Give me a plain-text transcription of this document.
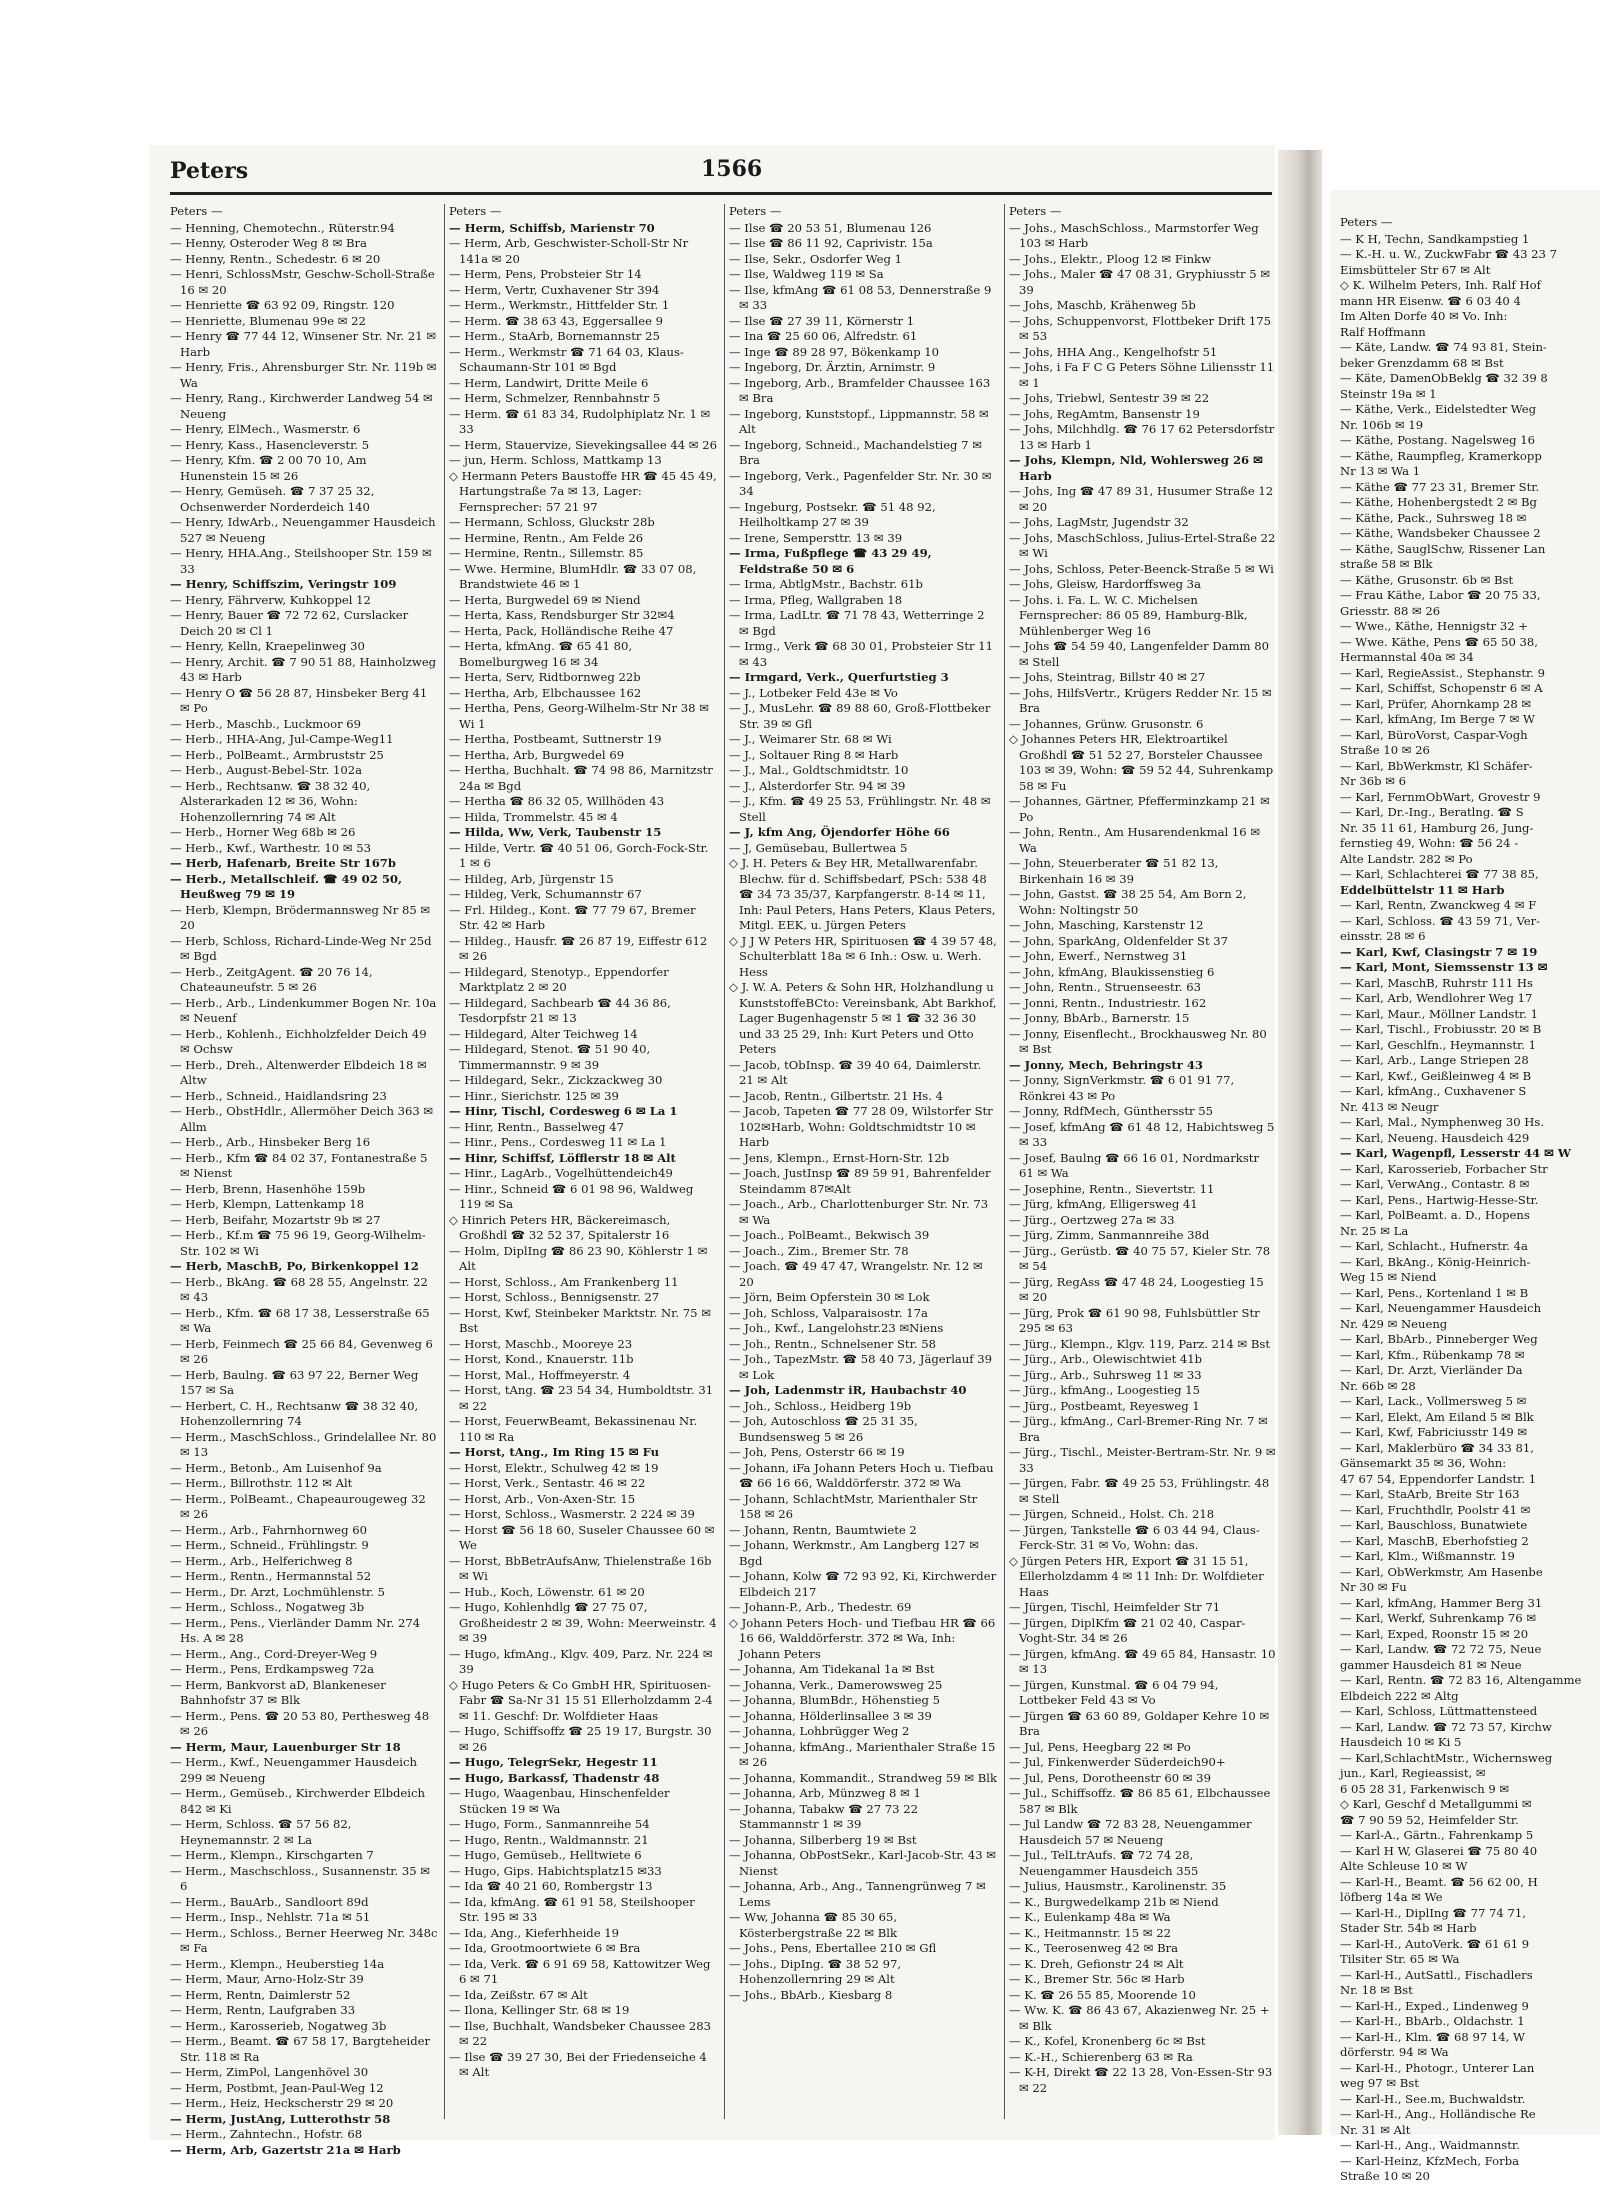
Peters	1566
Peters —
— Henning, Chemotechn., Rüterstr.94
— Henny, Osteroder Weg 8 ✉ Bra
— Henny, Rentn., Schedestr. 6 ✉ 20
— Henri, SchlossMstr, Geschw-Scholl-Straße 16 ✉ 20
— Henriette ☎ 63 92 09, Ringstr. 120
— Henriette, Blumenau 99e ✉ 22
— Henry ☎ 77 44 12, Winsener Str. Nr. 21 ✉ Harb
— Henry, Fris., Ahrensburger Str. Nr. 119b ✉ Wa
— Henry, Rang., Kirchwerder Landweg 54 ✉ Neueng
— Henry, ElMech., Wasmerstr. 6
— Henry, Kass., Hasencleverstr. 5
— Henry, Kfm. ☎ 2 00 70 10, Am Hunenstein 15 ✉ 26
— Henry, Gemüseh. ☎ 7 37 25 32, Ochsenwerder Norderdeich 140
— Henry, IdwArb., Neuengammer Hausdeich 527 ✉ Neueng
— Henry, HHA.Ang., Steilshooper Str. 159 ✉ 33
— Henry, Schiffszim, Veringstr 109
— Henry, Fährverw, Kuhkoppel 12
— Henry, Bauer ☎ 72 72 62, Curslacker Deich 20 ✉ Cl 1
— Henry, Kelln, Kraepelinweg 30
— Henry, Archit. ☎ 7 90 51 88, Hainholzweg 43 ✉ Harb
— Henry O ☎ 56 28 87, Hinsbeker Berg 41 ✉ Po
— Herb., Maschb., Luckmoor 69
— Herb., HHA-Ang, Jul-Campe-Weg11
— Herb., PolBeamt., Armbruststr 25
— Herb., August-Bebel-Str. 102a
— Herb., Rechtsanw. ☎ 38 32 40, Alsterarkaden 12 ✉ 36, Wohn: Hohenzollernring 74 ✉ Alt
— Herb., Horner Weg 68b ✉ 26
— Herb., Kwf., Warthestr. 10 ✉ 53
— Herb, Hafenarb, Breite Str 167b
— Herb., Metallschleif. ☎ 49 02 50, Heußweg 79 ✉ 19
— Herb, Klempn, Brödermannsweg Nr 85 ✉ 20
— Herb, Schloss, Richard-Linde-Weg Nr 25d ✉ Bgd
— Herb., ZeitgAgent. ☎ 20 76 14, Chateauneufstr. 5 ✉ 26
— Herb., Arb., Lindenkummer Bogen Nr. 10a ✉ Neuenf
— Herb., Kohlenh., Eichholzfelder Deich 49 ✉ Ochsw
— Herb., Dreh., Altenwerder Elbdeich 18 ✉ Altw
— Herb., Schneid., Haidlandsring 23
— Herb., ObstHdlr., Allermöher Deich 363 ✉ Allm
— Herb., Arb., Hinsbeker Berg 16
— Herb., Kfm ☎ 84 02 37, Fontanestraße 5 ✉ Nienst
— Herb, Brenn, Hasenhöhe 159b
— Herb, Klempn, Lattenkamp 18
— Herb, Beifahr, Mozartstr 9b ✉ 27
— Herb., Kf.m ☎ 75 96 19, Georg-Wilhelm-Str. 102 ✉ Wi
— Herb, MaschB, Po, Birkenkoppel 12
— Herb., BkAng. ☎ 68 28 55, Angelnstr. 22 ✉ 43
— Herb., Kfm. ☎ 68 17 38, Lesserstraße 65 ✉ Wa
— Herb, Feinmech ☎ 25 66 84, Gevenweg 6 ✉ 26
— Herb, Baulng. ☎ 63 97 22, Berner Weg 157 ✉ Sa
— Herbert, C. H., Rechtsanw ☎ 38 32 40, Hohenzollernring 74
— Herm., MaschSchloss., Grindelallee Nr. 80 ✉ 13
— Herm., Betonb., Am Luisenhof 9a
— Herm., Billrothstr. 112 ✉ Alt
— Herm., PolBeamt., Chapeaurougeweg 32 ✉ 26
— Herm., Arb., Fahrnhornweg 60
— Herm., Schneid., Frühlingstr. 9
— Herm., Arb., Helferichweg 8
— Herm., Rentn., Hermannstal 52
— Herm., Dr. Arzt, Lochmühlenstr. 5
— Herm., Schloss., Nogatweg 3b
— Herm., Pens., Vierländer Damm Nr. 274 Hs. A ✉ 28
— Herm., Ang., Cord-Dreyer-Weg 9
— Herm., Pens, Erdkampsweg 72a
— Herm, Bankvorst aD, Blankeneser Bahnhofstr 37 ✉ Blk
— Herm., Pens. ☎ 20 53 80, Perthesweg 48 ✉ 26
— Herm, Maur, Lauenburger Str 18
— Herm., Kwf., Neuengammer Hausdeich 299 ✉ Neueng
— Herm., Gemüseb., Kirchwerder Elbdeich 842 ✉ Ki
— Herm, Schloss. ☎ 57 56 82, Heynemannstr. 2 ✉ La
— Herm., Klempn., Kirschgarten 7
— Herm., Maschschloss., Susannenstr. 35 ✉ 6
— Herm., BauArb., Sandloort 89d
— Herm., Insp., Nehlstr. 71a ✉ 51
— Herm., Schloss., Berner Heerweg Nr. 348c ✉ Fa
— Herm., Klempn., Heuberstieg 14a
— Herm, Maur, Arno-Holz-Str 39
— Herm, Rentn, Daimlerstr 52
— Herm, Rentn, Laufgraben 33
— Herm., Karosserieb, Nogatweg 3b
— Herm., Beamt. ☎ 67 58 17, Bargteheider Str. 118 ✉ Ra
— Herm, ZimPol, Langenhövel 30
— Herm, Postbmt, Jean-Paul-Weg 12
— Herm., Heiz, Heckscherstr 29 ✉ 20
— Herm, JustAng, Lutterothstr 58
— Herm., Zahntechn., Hofstr. 68
— Herm, Arb, Gazertstr 21a ✉ Harb
Peters —
— Herm, Schiffsb, Marienstr 70
— Herm, Arb, Geschwister-Scholl-Str Nr 141a ✉ 20
— Herm, Pens, Probsteier Str 14
— Herm, Vertr, Cuxhavener Str 394
— Herm., Werkmstr., Hittfelder Str. 1
— Herm. ☎ 38 63 43, Eggersallee 9
— Herm., StaArb, Bornemannstr 25
— Herm., Werkmstr ☎ 71 64 03, Klaus-Schaumann-Str 101 ✉ Bgd
— Herm, Landwirt, Dritte Meile 6
— Herm, Schmelzer, Rennbahnstr 5
— Herm. ☎ 61 83 34, Rudolphiplatz Nr. 1 ✉ 33
— Herm, Stauervize, Sievekingsallee 44 ✉ 26
— jun, Herm. Schloss, Mattkamp 13
◇ Hermann Peters Baustoffe HR ☎ 45 45 49, Hartungstraße 7a ✉ 13, Lager: Fernsprecher: 57 21 97
— Hermann, Schloss, Gluckstr 28b
— Hermine, Rentn., Am Felde 26
— Hermine, Rentn., Sillemstr. 85
— Wwe. Hermine, BlumHdlr. ☎ 33 07 08, Brandstwiete 46 ✉ 1
— Herta, Burgwedel 69 ✉ Niend
— Herta, Kass, Rendsburger Str 32✉4
— Herta, Pack, Holländische Reihe 47
— Herta, kfmAng. ☎ 65 41 80, Bomelburgweg 16 ✉ 34
— Herta, Serv, Ridtbornweg 22b
— Hertha, Arb, Elbchaussee 162
— Hertha, Pens, Georg-Wilhelm-Str Nr 38 ✉ Wi 1
— Hertha, Postbeamt, Suttnerstr 19
— Hertha, Arb, Burgwedel 69
— Hertha, Buchhalt. ☎ 74 98 86, Marnitzstr 24a ✉ Bgd
— Hertha ☎ 86 32 05, Willhöden 43
— Hilda, Trommelstr. 45 ✉ 4
— Hilda, Ww, Verk, Taubenstr 15
— Hilde, Vertr. ☎ 40 51 06, Gorch-Fock-Str. 1 ✉ 6
— Hildeg, Arb, Jürgenstr 15
— Hildeg, Verk, Schumannstr 67
— Frl. Hildeg., Kont. ☎ 77 79 67, Bremer Str. 42 ✉ Harb
— Hildeg., Hausfr. ☎ 26 87 19, Eiffestr 612 ✉ 26
— Hildegard, Stenotyp., Eppendorfer Marktplatz 2 ✉ 20
— Hildegard, Sachbearb ☎ 44 36 86, Tesdorpfstr 21 ✉ 13
— Hildegard, Alter Teichweg 14
— Hildegard, Stenot. ☎ 51 90 40, Timmermannstr. 9 ✉ 39
— Hildegard, Sekr., Zickzackweg 30
— Hinr., Sierichstr. 125 ✉ 39
— Hinr, Tischl, Cordesweg 6 ✉ La 1
— Hinr, Rentn., Basselweg 47
— Hinr., Pens., Cordesweg 11 ✉ La 1
— Hinr, Schiffsf, Löfflerstr 18 ✉ Alt
— Hinr., LagArb., Vogelhüttendeich49
— Hinr., Schneid ☎ 6 01 98 96, Waldweg 119 ✉ Sa
◇ Hinrich Peters HR, Bäckereimasch, Großhdl ☎ 32 52 37, Spitalerstr 16
— Holm, DiplIng ☎ 86 23 90, Köhlerstr 1 ✉ Alt
— Horst, Schloss., Am Frankenberg 11
— Horst, Schloss., Bennigsenstr. 27
— Horst, Kwf, Steinbeker Marktstr. Nr. 75 ✉ Bst
— Horst, Maschb., Mooreye 23
— Horst, Kond., Knauerstr. 11b
— Horst, Mal., Hoffmeyerstr. 4
— Horst, tAng. ☎ 23 54 34, Humboldtstr. 31 ✉ 22
— Horst, FeuerwBeamt, Bekassinenau Nr. 110 ✉ Ra
— Horst, tAng., Im Ring 15 ✉ Fu
— Horst, Elektr., Schulweg 42 ✉ 19
— Horst, Verk., Sentastr. 46 ✉ 22
— Horst, Arb., Von-Axen-Str. 15
— Horst, Schloss., Wasmerstr. 2 224 ✉ 39
— Horst ☎ 56 18 60, Suseler Chaussee 60 ✉ We
— Horst, BbBetrAufsAnw, Thielenstraße 16b ✉ Wi
— Hub., Koch, Löwenstr. 61 ✉ 20
— Hugo, Kohlenhdlg ☎ 27 75 07, Großheidestr 2 ✉ 39, Wohn: Meerweinstr. 4 ✉ 39
— Hugo, kfmAng., Klgv. 409, Parz. Nr. 224 ✉ 39
◇ Hugo Peters & Co GmbH HR, Spirituosen-Fabr ☎ Sa-Nr 31 15 51 Ellerholzdamm 2-4 ✉ 11. Geschf: Dr. Wolfdieter Haas
— Hugo, Schiffsoffz ☎ 25 19 17, Burgstr. 30 ✉ 26
— Hugo, TelegrSekr, Hegestr 11
— Hugo, Barkassf, Thadenstr 48
— Hugo, Waagenbau, Hinschenfelder Stücken 19 ✉ Wa
— Hugo, Form., Sanmannreihe 54
— Hugo, Rentn., Waldmannstr. 21
— Hugo, Gemüseb., Helltwiete 6
— Hugo, Gips. Habichtsplatz15 ✉33
— Ida ☎ 40 21 60, Rombergstr 13
— Ida, kfmAng. ☎ 61 91 58, Steilshooper Str. 195 ✉ 33
— Ida, Ang., Kieferhheide 19
— Ida, Grootmoortwiete 6 ✉ Bra
— Ida, Verk. ☎ 6 91 69 58, Kattowitzer Weg 6 ✉ 71
— Ida, Zeißstr. 67 ✉ Alt
— Ilona, Kellinger Str. 68 ✉ 19
— Ilse, Buchhalt, Wandsbeker Chaussee 283 ✉ 22
— Ilse ☎ 39 27 30, Bei der Friedenseiche 4 ✉ Alt
Peters —
— Ilse ☎ 20 53 51, Blumenau 126
— Ilse ☎ 86 11 92, Caprivistr. 15a
— Ilse, Sekr., Osdorfer Weg 1
— Ilse, Waldweg 119 ✉ Sa
— Ilse, kfmAng ☎ 61 08 53, Dennerstraße 9 ✉ 33
— Ilse ☎ 27 39 11, Körnerstr 1
— Ina ☎ 25 60 06, Alfredstr. 61
— Inge ☎ 89 28 97, Bökenkamp 10
— Ingeborg, Dr. Ärztin, Arnimstr. 9
— Ingeborg, Arb., Bramfelder Chaussee 163 ✉ Bra
— Ingeborg, Kunststopf., Lippmannstr. 58 ✉ Alt
— Ingeborg, Schneid., Machandelstieg 7 ✉ Bra
— Ingeborg, Verk., Pagenfelder Str. Nr. 30 ✉ 34
— Ingeburg, Postsekr. ☎ 51 48 92, Heilholtkamp 27 ✉ 39
— Irene, Sempersttr. 13 ✉ 39
— Irma, Fußpflege ☎ 43 29 49, Feldstraße 50 ✉ 6
— Irma, AbtlgMstr., Bachstr. 61b
— Irma, Pfleg, Wallgraben 18
— Irma, LadLtr. ☎ 71 78 43, Wetterringe 2 ✉ Bgd
— Irmg., Verk ☎ 68 30 01, Probsteier Str 11 ✉ 43
— Irmgard, Verk., Querfurtstieg 3
— J., Lotbeker Feld 43e ✉ Vo
— J., MusLehr. ☎ 89 88 60, Groß-Flottbeker Str. 39 ✉ Gfl
— J., Weimarer Str. 68 ✉ Wi
— J., Soltauer Ring 8 ✉ Harb
— J., Mal., Goldtschmidtstr. 10
— J., Alsterdorfer Str. 94 ✉ 39
— J., Kfm. ☎ 49 25 53, Frühlingstr. Nr. 48 ✉ Stell
— J, kfm Ang, Öjendorfer Höhe 66
— J, Gemüsebau, Bullertwea 5
◇ J. H. Peters & Bey HR, Metallwarenfabr. Blechw. für d. Schiffsbedarf, PSch: 538 48 ☎ 34 73 35/37, Karpfangerstr. 8-14 ✉ 11, Inh: Paul Peters, Hans Peters, Klaus Peters, Mitgl. EEK, u. Jürgen Peters
◇ J J W Peters HR, Spirituosen ☎ 4 39 57 48, Schulterblatt 18a ✉ 6 Inh.: Osw. u. Werh. Hess
◇ J. W. A. Peters & Sohn HR, Holzhandlung u KunststoffeBCto: Vereinsbank, Abt Barkhof, Lager Bugenhagenstr 5 ✉ 1 ☎ 32 36 30 und 33 25 29, Inh: Kurt Peters und Otto Peters
— Jacob, tObInsp. ☎ 39 40 64, Daimlerstr. 21 ✉ Alt
— Jacob, Rentn., Gilbertstr. 21 Hs. 4
— Jacob, Tapeten ☎ 77 28 09, Wilstorfer Str 102✉Harb, Wohn: Goldtschmidtstr 10 ✉ Harb
— Jens, Klempn., Ernst-Horn-Str. 12b
— Joach, JustInsp ☎ 89 59 91, Bahrenfelder Steindamm 87✉Alt
— Joach., Arb., Charlottenburger Str. Nr. 73 ✉ Wa
— Joach., PolBeamt., Bekwisch 39
— Joach., Zim., Bremer Str. 78
— Joach. ☎ 49 47 47, Wrangelstr. Nr. 12 ✉ 20
— Jörn, Beim Opferstein 30 ✉ Lok
— Joh, Schloss, Valparaisostr. 17a
— Joh., Kwf., Langelohstr.23 ✉Niens
— Joh., Rentn., Schnelsener Str. 58
— Joh., TapezMstr. ☎ 58 40 73, Jägerlauf 39 ✉ Lok
— Joh, Ladenmstr iR, Haubachstr 40
— Joh., Schloss., Heidberg 19b
— Joh, Autoschloss ☎ 25 31 35, Bundsensweg 5 ✉ 26
— Joh, Pens, Osterstr 66 ✉ 19
— Johann, iFa Johann Peters Hoch u. Tiefbau ☎ 66 16 66, Walddörferstr. 372 ✉ Wa
— Johann, SchlachtMstr, Marienthaler Str 158 ✉ 26
— Johann, Rentn, Baumtwiete 2
— Johann, Werkmstr., Am Langberg 127 ✉ Bgd
— Johann, Kolw ☎ 72 93 92, Ki, Kirchwerder Elbdeich 217
— Johann-P., Arb., Thedestr. 69
◇ Johann Peters Hoch- und Tiefbau HR ☎ 66 16 66, Walddörferstr. 372 ✉ Wa, Inh: Johann Peters
— Johanna, Am Tidekanal 1a ✉ Bst
— Johanna, Verk., Damerowsweg 25
— Johanna, BlumBdr., Höhenstieg 5
— Johanna, Hölderlinsallee 3 ✉ 39
— Johanna, Lohbrügger Weg 2
— Johanna, kfmAng., Marienthaler Straße 15 ✉ 26
— Johanna, Kommandit., Strandweg 59 ✉ Blk
— Johanna, Arb, Münzweg 8 ✉ 1
— Johanna, Tabakw ☎ 27 73 22 Stammannstr 1 ✉ 39
— Johanna, Silberberg 19 ✉ Bst
— Johanna, ObPostSekr., Karl-Jacob-Str. 43 ✉ Nienst
— Johanna, Arb., Ang., Tannengrünweg 7 ✉ Lems
— Ww, Johanna ☎ 85 30 65, Kösterbergstraße 22 ✉ Blk
— Johs., Pens, Ebertallee 210 ✉ Gfl
— Johs., DipIng. ☎ 38 52 97, Hohenzollernring 29 ✉ Alt
— Johs., BbArb., Kiesbarg 8
Peters —
— Johs., MaschSchloss., Marmstorfer Weg 103 ✉ Harb
— Johs., Elektr., Ploog 12 ✉ Finkw
— Johs., Maler ☎ 47 08 31, Gryphiusstr 5 ✉ 39
— Johs, Maschb, Krähenweg 5b
— Johs, Schuppenvorst, Flottbeker Drift 175 ✉ 53
— Johs, HHA Ang., Kengelhofstr 51
— Johs, i Fa F C G Peters Söhne Liliensstr 11 ✉ 1
— Johs, Triebwl, Sentestr 39 ✉ 22
— Johs, RegAmtm, Bansenstr 19
— Johs, Milchhdlg. ☎ 76 17 62 Petersdorfstr 13 ✉ Harb 1
— Johs, Klempn, Nld, Wohlersweg 26 ✉ Harb
— Johs, Ing ☎ 47 89 31, Husumer Straße 12 ✉ 20
— Johs, LagMstr, Jugendstr 32
— Johs, MaschSchloss, Julius-Ertel-Straße 22 ✉ Wi
— Johs, Schloss, Peter-Beenck-Straße 5 ✉ Wi
— Johs, Gleisw, Hardorffsweg 3a
— Johs. i. Fa. L. W. C. Michelsen Fernsprecher: 86 05 89, Hamburg-Blk, Mühlenberger Weg 16
— Johs ☎ 54 59 40, Langenfelder Damm 80 ✉ Stell
— Johs, Steintrag, Billstr 40 ✉ 27
— Johs, HilfsVertr., Krügers Redder Nr. 15 ✉ Bra
— Johannes, Grünw. Grusonstr. 6
◇ Johannes Peters HR, Elektroartikel Großhdl ☎ 51 52 27, Borsteler Chaussee 103 ✉ 39, Wohn: ☎ 59 52 44, Suhrenkamp 58 ✉ Fu
— Johannes, Gärtner, Pfefferminzkamp 21 ✉ Po
— John, Rentn., Am Husarendenkmal 16 ✉ Wa
— John, Steuerberater ☎ 51 82 13, Birkenhain 16 ✉ 39
— John, Gastst. ☎ 38 25 54, Am Born 2, Wohn: Noltingstr 50
— John, Masching, Karstenstr 12
— John, SparkAng, Oldenfelder St 37
— John, Ewerf., Nernstweg 31
— John, kfmAng, Blaukissenstieg 6
— John, Rentn., Struenseestr. 63
— Jonni, Rentn., Industriestr. 162
— Jonny, BbArb., Barnerstr. 15
— Jonny, Eisenflecht., Brockhausweg Nr. 80 ✉ Bst
— Jonny, Mech, Behringstr 43
— Jonny, SignVerkmstr. ☎ 6 01 91 77, Rönkrei 43 ✉ Po
— Jonny, RdfMech, Günthersstr 55
— Josef, kfmAng ☎ 61 48 12, Habichtsweg 5 ✉ 33
— Josef, Baulng ☎ 66 16 01, Nordmarkstr 61 ✉ Wa
— Josephine, Rentn., Sievertstr. 11
— Jürg, kfmAng, Elligersweg 41
— Jürg., Oertzweg 27a ✉ 33
— Jürg, Zimm, Sanmannreihe 38d
— Jürg., Gerüstb. ☎ 40 75 57, Kieler Str. 78 ✉ 54
— Jürg, RegAss ☎ 47 48 24, Loogestieg 15 ✉ 20
— Jürg, Prok ☎ 61 90 98, Fuhlsbüttler Str 295 ✉ 63
— Jürg., Klempn., Klgv. 119, Parz. 214 ✉ Bst
— Jürg., Arb., Olewischtwiet 41b
— Jürg., Arb., Suhrsweg 11 ✉ 33
— Jürg., kfmAng., Loogestieg 15
— Jürg., Postbeamt, Reyesweg 1
— Jürg., kfmAng., Carl-Bremer-Ring Nr. 7 ✉ Bra
— Jürg., Tischl., Meister-Bertram-Str. Nr. 9 ✉ 33
— Jürgen, Fabr. ☎ 49 25 53, Frühlingstr. 48 ✉ Stell
— Jürgen, Schneid., Holst. Ch. 218
— Jürgen, Tankstelle ☎ 6 03 44 94, Claus-Ferck-Str. 31 ✉ Vo, Wohn: das.
◇ Jürgen Peters HR, Export ☎ 31 15 51, Ellerholzdamm 4 ✉ 11 Inh: Dr. Wolfdieter Haas
— Jürgen, Tischl, Heimfelder Str 71
— Jürgen, DiplKfm ☎ 21 02 40, Caspar-Voght-Str. 34 ✉ 26
— Jürgen, kfmAng. ☎ 49 65 84, Hansastr. 10 ✉ 13
— Jürgen, Kunstmal. ☎ 6 04 79 94, Lottbeker Feld 43 ✉ Vo
— Jürgen ☎ 63 60 89, Goldaper Kehre 10 ✉ Bra
— Jul, Pens, Heegbarg 22 ✉ Po
— Jul, Finkenwerder Süderdeich90+
— Jul, Pens, Dorotheenstr 60 ✉ 39
— Jul., Schiffsoffz. ☎ 86 85 61, Elbchaussee 587 ✉ Blk
— Jul Landw ☎ 72 83 28, Neuengammer Hausdeich 57 ✉ Neueng
— Jul., TelLtrAufs. ☎ 72 74 28, Neuengammer Hausdeich 355
— Julius, Hausmstr., Karolinenstr. 35
— K., Burgwedelkamp 21b ✉ Niend
— K., Eulenkamp 48a ✉ Wa
— K., Heitmannstr. 15 ✉ 22
— K., Teerosenweg 42 ✉ Bra
— K. Dreh, Gefionstr 24 ✉ Alt
— K., Bremer Str. 56c ✉ Harb
— K. ☎ 26 55 85, Moorende 10
— Ww. K. ☎ 86 43 67, Akazienweg Nr. 25 + ✉ Blk
— K., Kofel, Kronenberg 6c ✉ Bst
— K.-H., Schierenberg 63 ✉ Ra
— K-H, Direkt ☎ 22 13 28, Von-Essen-Str 93 ✉ 22
Peters —
— K H, Techn, Sandkampstieg 1
— K.-H. u. W., ZuckwFabr ☎ 43 23 7
Eimsbütteler Str 67 ✉ Alt
◇ K. Wilhelm Peters, Inh. Ralf Hof
mann HR Eisenw. ☎ 6 03 40 4
Im Alten Dorfe 40 ✉ Vo. Inh:
Ralf Hoffmann
— Käte, Landw. ☎ 74 93 81, Stein-
beker Grenzdamm 68 ✉ Bst
— Käte, DamenObBeklg ☎ 32 39 8
Steinstr 19a ✉ 1
— Käthe, Verk., Eidelstedter Weg
Nr. 106b ✉ 19
— Käthe, Postang. Nagelsweg 16
— Käthe, Raumpfleg, Kramerkopp
Nr 13 ✉ Wa 1
— Käthe ☎ 77 23 31, Bremer Str.
— Käthe, Hohenbergstedt 2 ✉ Bg
— Käthe, Pack., Suhrsweg 18 ✉
— Käthe, Wandsbeker Chaussee 2
— Käthe, SauglSchw, Rissener Lan
straße 58 ✉ Blk
— Käthe, Grusonstr. 6b ✉ Bst
— Frau Käthe, Labor ☎ 20 75 33,
Griesstr. 88 ✉ 26
— Wwe., Käthe, Hennigstr 32 +
— Wwe. Käthe, Pens ☎ 65 50 38,
Hermannstal 40a ✉ 34
— Karl, RegieAssist., Stephanstr. 9
— Karl, Schiffst, Schopenstr 6 ✉ A
— Karl, Prüfer, Ahornkamp 28 ✉
— Karl, kfmAng, Im Berge 7 ✉ W
— Karl, BüroVorst, Caspar-Vogh
Straße 10 ✉ 26
— Karl, BbWerkmstr, Kl Schäfer-
Nr 36b ✉ 6
— Karl, FernmObWart, Grovestr 9
— Karl, Dr.-Ing., Beratlng. ☎ S
Nr. 35 11 61, Hamburg 26, Jung-
fernstieg 49, Wohn: ☎ 56 24 -
Alte Landstr. 282 ✉ Po
— Karl, Schlachterei ☎ 77 38 85,
Eddelbüttelstr 11 ✉ Harb
— Karl, Rentn, Zwanckweg 4 ✉ F
— Karl, Schloss. ☎ 43 59 71, Ver-
einsstr. 28 ✉ 6
— Karl, Kwf, Clasingstr 7 ✉ 19
— Karl, Mont, Siemssenstr 13 ✉
— Karl, MaschB, Ruhrstr 111 Hs
— Karl, Arb, Wendlohrer Weg 17
— Karl, Maur., Möllner Landstr. 1
— Karl, Tischl., Frobiusstr. 20 ✉ B
— Karl, Geschlfn., Heymannstr. 1
— Karl, Arb., Lange Striepen 28
— Karl, Kwf., Geißleinweg 4 ✉ B
— Karl, kfmAng., Cuxhavener S
Nr. 413 ✉ Neugr
— Karl, Mal., Nymphenweg 30 Hs.
— Karl, Neueng. Hausdeich 429
— Karl, Wagenpfl, Lesserstr 44 ✉ W
— Karl, Karosserieb, Forbacher Str
— Karl, VerwAng., Contastr. 8 ✉
— Karl, Pens., Hartwig-Hesse-Str.
— Karl, PolBeamt. a. D., Hopens
Nr. 25 ✉ La
— Karl, Schlacht., Hufnerstr. 4a
— Karl, BkAng., König-Heinrich-
Weg 15 ✉ Niend
— Karl, Pens., Kortenland 1 ✉ B
— Karl, Neuengammer Hausdeich
Nr. 429 ✉ Neueng
— Karl, BbArb., Pinneberger Weg
— Karl, Kfm., Rübenkamp 78 ✉
— Karl, Dr. Arzt, Vierländer Da
Nr. 66b ✉ 28
— Karl, Lack., Vollmersweg 5 ✉
— Karl, Elekt, Am Eiland 5 ✉ Blk
— Karl, Kwf, Fabriciusstr 149 ✉
— Karl, Maklerbüro ☎ 34 33 81,
Gänsemarkt 35 ✉ 36, Wohn:
47 67 54, Eppendorfer Landstr. 1
— Karl, StaArb, Breite Str 163
— Karl, Fruchthdlr, Poolstr 41 ✉
— Karl, Bauschloss, Bunatwiete
— Karl, MaschB, Eberhofstieg 2
— Karl, Klm., Wißmannstr. 19
— Karl, ObWerkmstr, Am Hasenbe
Nr 30 ✉ Fu
— Karl, kfmAng, Hammer Berg 31
— Karl, Werkf, Suhrenkamp 76 ✉
— Karl, Exped, Roonstr 15 ✉ 20
— Karl, Landw. ☎ 72 72 75, Neue
gammer Hausdeich 81 ✉ Neue
— Karl, Rentn. ☎ 72 83 16, Altengamme
Elbdeich 222 ✉ Altg
— Karl, Schloss, Lüttmattensteed
— Karl, Landw. ☎ 72 73 57, Kirchw
Hausdeich 10 ✉ Ki 5
— Karl,SchlachtMstr., Wichernsweg
jun., Karl, Regieassist, ✉
6 05 28 31, Farkenwisch 9 ✉
◇ Karl, Geschf d Metallgummi ✉
☎ 7 90 59 52, Heimfelder Str.
— Karl-A., Gärtn., Fahrenkamp 5
— Karl H W, Glaserei ☎ 75 80 40
Alte Schleuse 10 ✉ W
— Karl-H., Beamt. ☎ 56 62 00, H
löfberg 14a ✉ We
— Karl-H., DiplIng ☎ 77 74 71,
Stader Str. 54b ✉ Harb
— Karl-H., AutoVerk. ☎ 61 61 9
Tilsiter Str. 65 ✉ Wa
— Karl-H., AutSattl., Fischadlers
Nr. 18 ✉ Bst
— Karl-H., Exped., Lindenweg 9
— Karl-H., BbArb., Oldachstr. 1
— Karl-H., Klm. ☎ 68 97 14, W
dörferstr. 94 ✉ Wa
— Karl-H., Photogr., Unterer Lan
weg 97 ✉ Bst
— Karl-H., See.m, Buchwaldstr.
— Karl-H., Ang., Holländische Re
Nr. 31 ✉ Alt
— Karl-H., Ang., Waidmannstr.
— Karl-Heinz, KfzMech, Forba
Straße 10 ✉ 20
